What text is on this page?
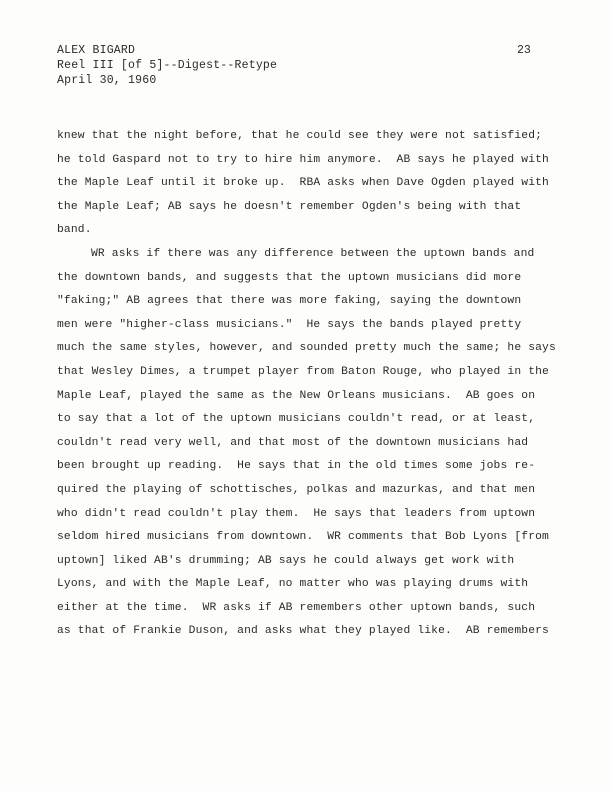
ALEX BIGARD
Reel III [of 5]--Digest--Retype
April 30, 1960
23
knew that the night before, that he could see they were not satisfied;
he told Gaspard not to try to hire him anymore.  AB says he played with
the Maple Leaf until it broke up.  RBA asks when Dave Ogden played with
the Maple Leaf; AB says he doesn't remember Ogden's being with that
band.
WR asks if there was any difference between the uptown bands and
the downtown bands, and suggests that the uptown musicians did more
"faking;" AB agrees that there was more faking, saying the downtown
men were "higher-class musicians."  He says the bands played pretty
much the same styles, however, and sounded pretty much the same; he says
that Wesley Dimes, a trumpet player from Baton Rouge, who played in the
Maple Leaf, played the same as the New Orleans musicians.  AB goes on
to say that a lot of the uptown musicians couldn't read, or at least,
couldn't read very well, and that most of the downtown musicians had
been brought up reading.  He says that in the old times some jobs re-
quired the playing of schottisches, polkas and mazurkas, and that men
who didn't read couldn't play them.  He says that leaders from uptown
seldom hired musicians from downtown.  WR comments that Bob Lyons [from
uptown] liked AB's drumming; AB says he could always get work with
Lyons, and with the Maple Leaf, no matter who was playing drums with
either at the time.  WR asks if AB remembers other uptown bands, such
as that of Frankie Duson, and asks what they played like.  AB remembers
